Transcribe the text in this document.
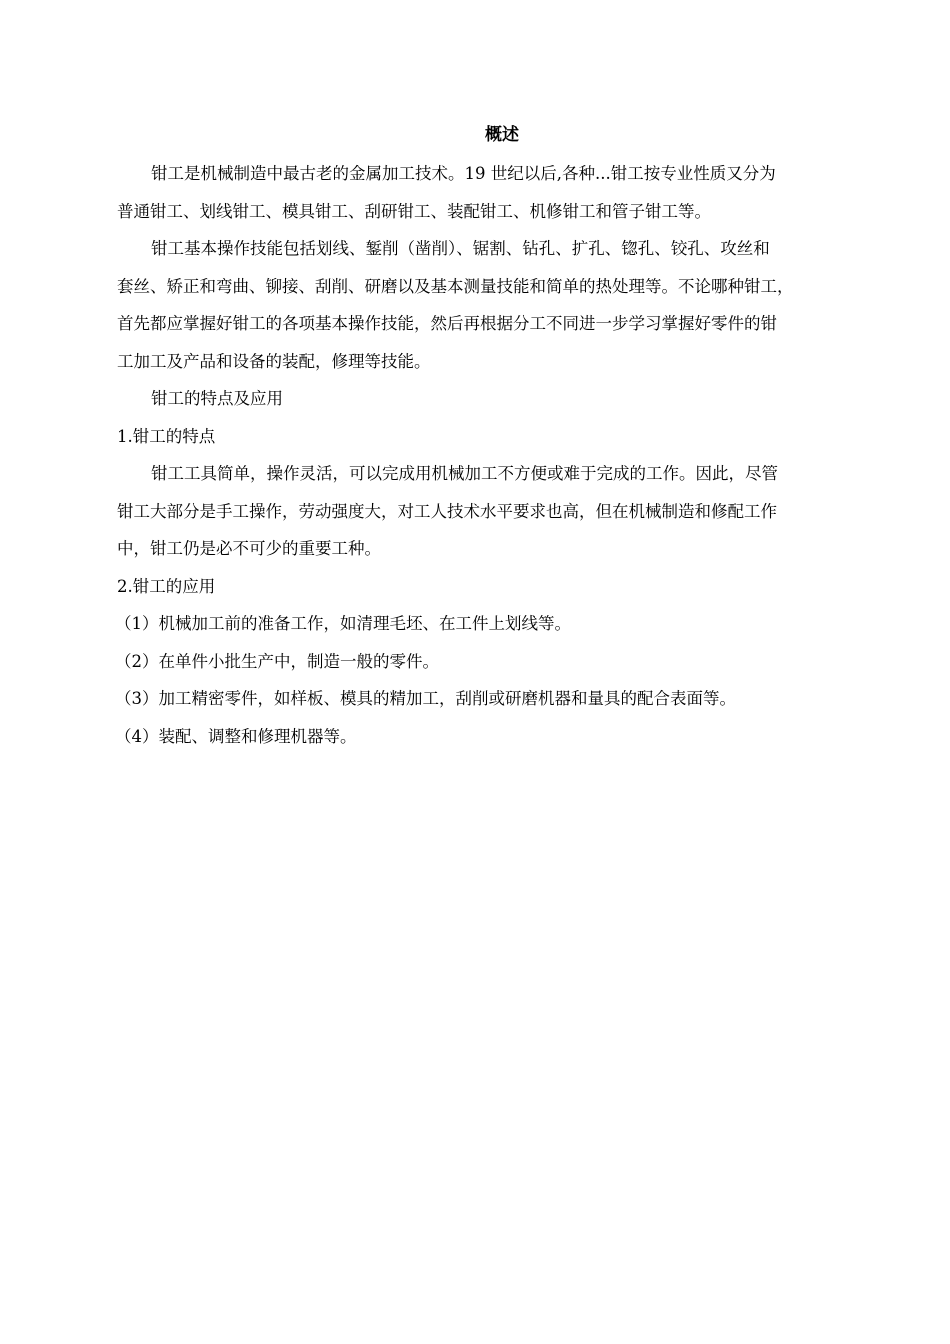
概述

钳工是机械制造中最古老的金属加工技术。19 世纪以后,各种...钳工按专业性质又分为

普通钳工、划线钳工、模具钳工、刮研钳工、装配钳工、机修钳工和管子钳工等。

钳工基本操作技能包括划线、錾削（凿削）、锯割、钻孔、扩孔、锪孔、铰孔、攻丝和

套丝、矫正和弯曲、铆接、刮削、研磨以及基本测量技能和简单的热处理等。不论哪种钳工，

首先都应掌握好钳工的各项基本操作技能，然后再根据分工不同进一步学习掌握好零件的钳

工加工及产品和设备的装配，修理等技能。

钳工的特点及应用

1.钳工的特点

钳工工具简单，操作灵活，可以完成用机械加工不方便或难于完成的工作。因此，尽管

钳工大部分是手工操作，劳动强度大，对工人技术水平要求也高，但在机械制造和修配工作

中，钳工仍是必不可少的重要工种。

2.钳工的应用

（1）机械加工前的准备工作，如清理毛坯、在工件上划线等。

（2）在单件小批生产中，制造一般的零件。

（3）加工精密零件，如样板、模具的精加工，刮削或研磨机器和量具的配合表面等。

（4）装配、调整和修理机器等。
